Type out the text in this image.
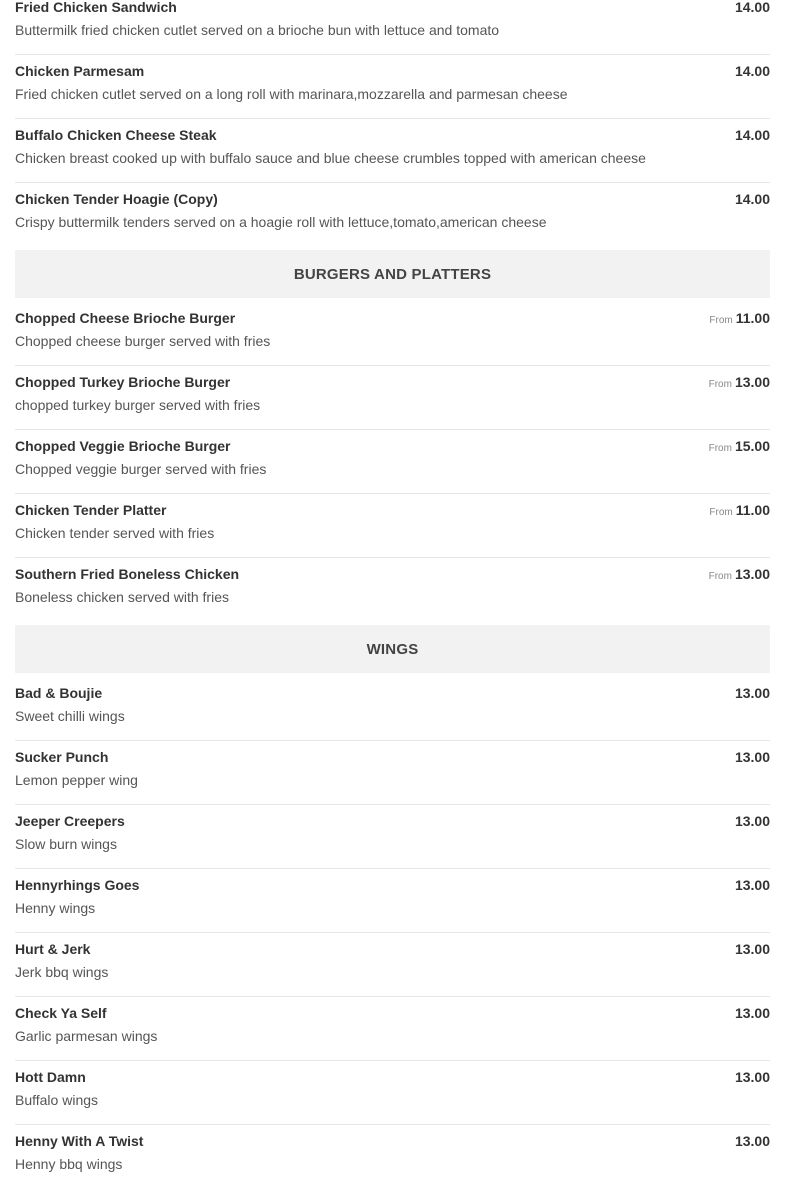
Fried Chicken Sandwich
Buttermilk fried chicken cutlet served on a brioche bun with lettuce and tomato
14.00
Chicken Parmesam
Fried chicken cutlet served on a long roll with marinara,mozzarella and parmesan cheese
14.00
Buffalo Chicken Cheese Steak
Chicken breast cooked up with buffalo sauce and blue cheese crumbles topped with american cheese
14.00
Chicken Tender Hoagie (Copy)
Crispy buttermilk tenders served on a hoagie roll with lettuce,tomato,american cheese
14.00
BURGERS AND PLATTERS
Chopped Cheese Brioche Burger
Chopped cheese burger served with fries
From 11.00
Chopped Turkey Brioche Burger
chopped turkey burger served with fries
From 13.00
Chopped Veggie Brioche Burger
Chopped veggie burger served with fries
From 15.00
Chicken Tender Platter
Chicken tender served with fries
From 11.00
Southern Fried Boneless Chicken
Boneless chicken served with fries
From 13.00
WINGS
Bad & Boujie
Sweet chilli wings
13.00
Sucker Punch
Lemon pepper wing
13.00
Jeeper Creepers
Slow burn wings
13.00
Hennyrhings Goes
Henny wings
13.00
Hurt & Jerk
Jerk bbq wings
13.00
Check Ya Self
Garlic parmesan wings
13.00
Hott Damn
Buffalo wings
13.00
Henny With A Twist
Henny bbq wings
13.00
